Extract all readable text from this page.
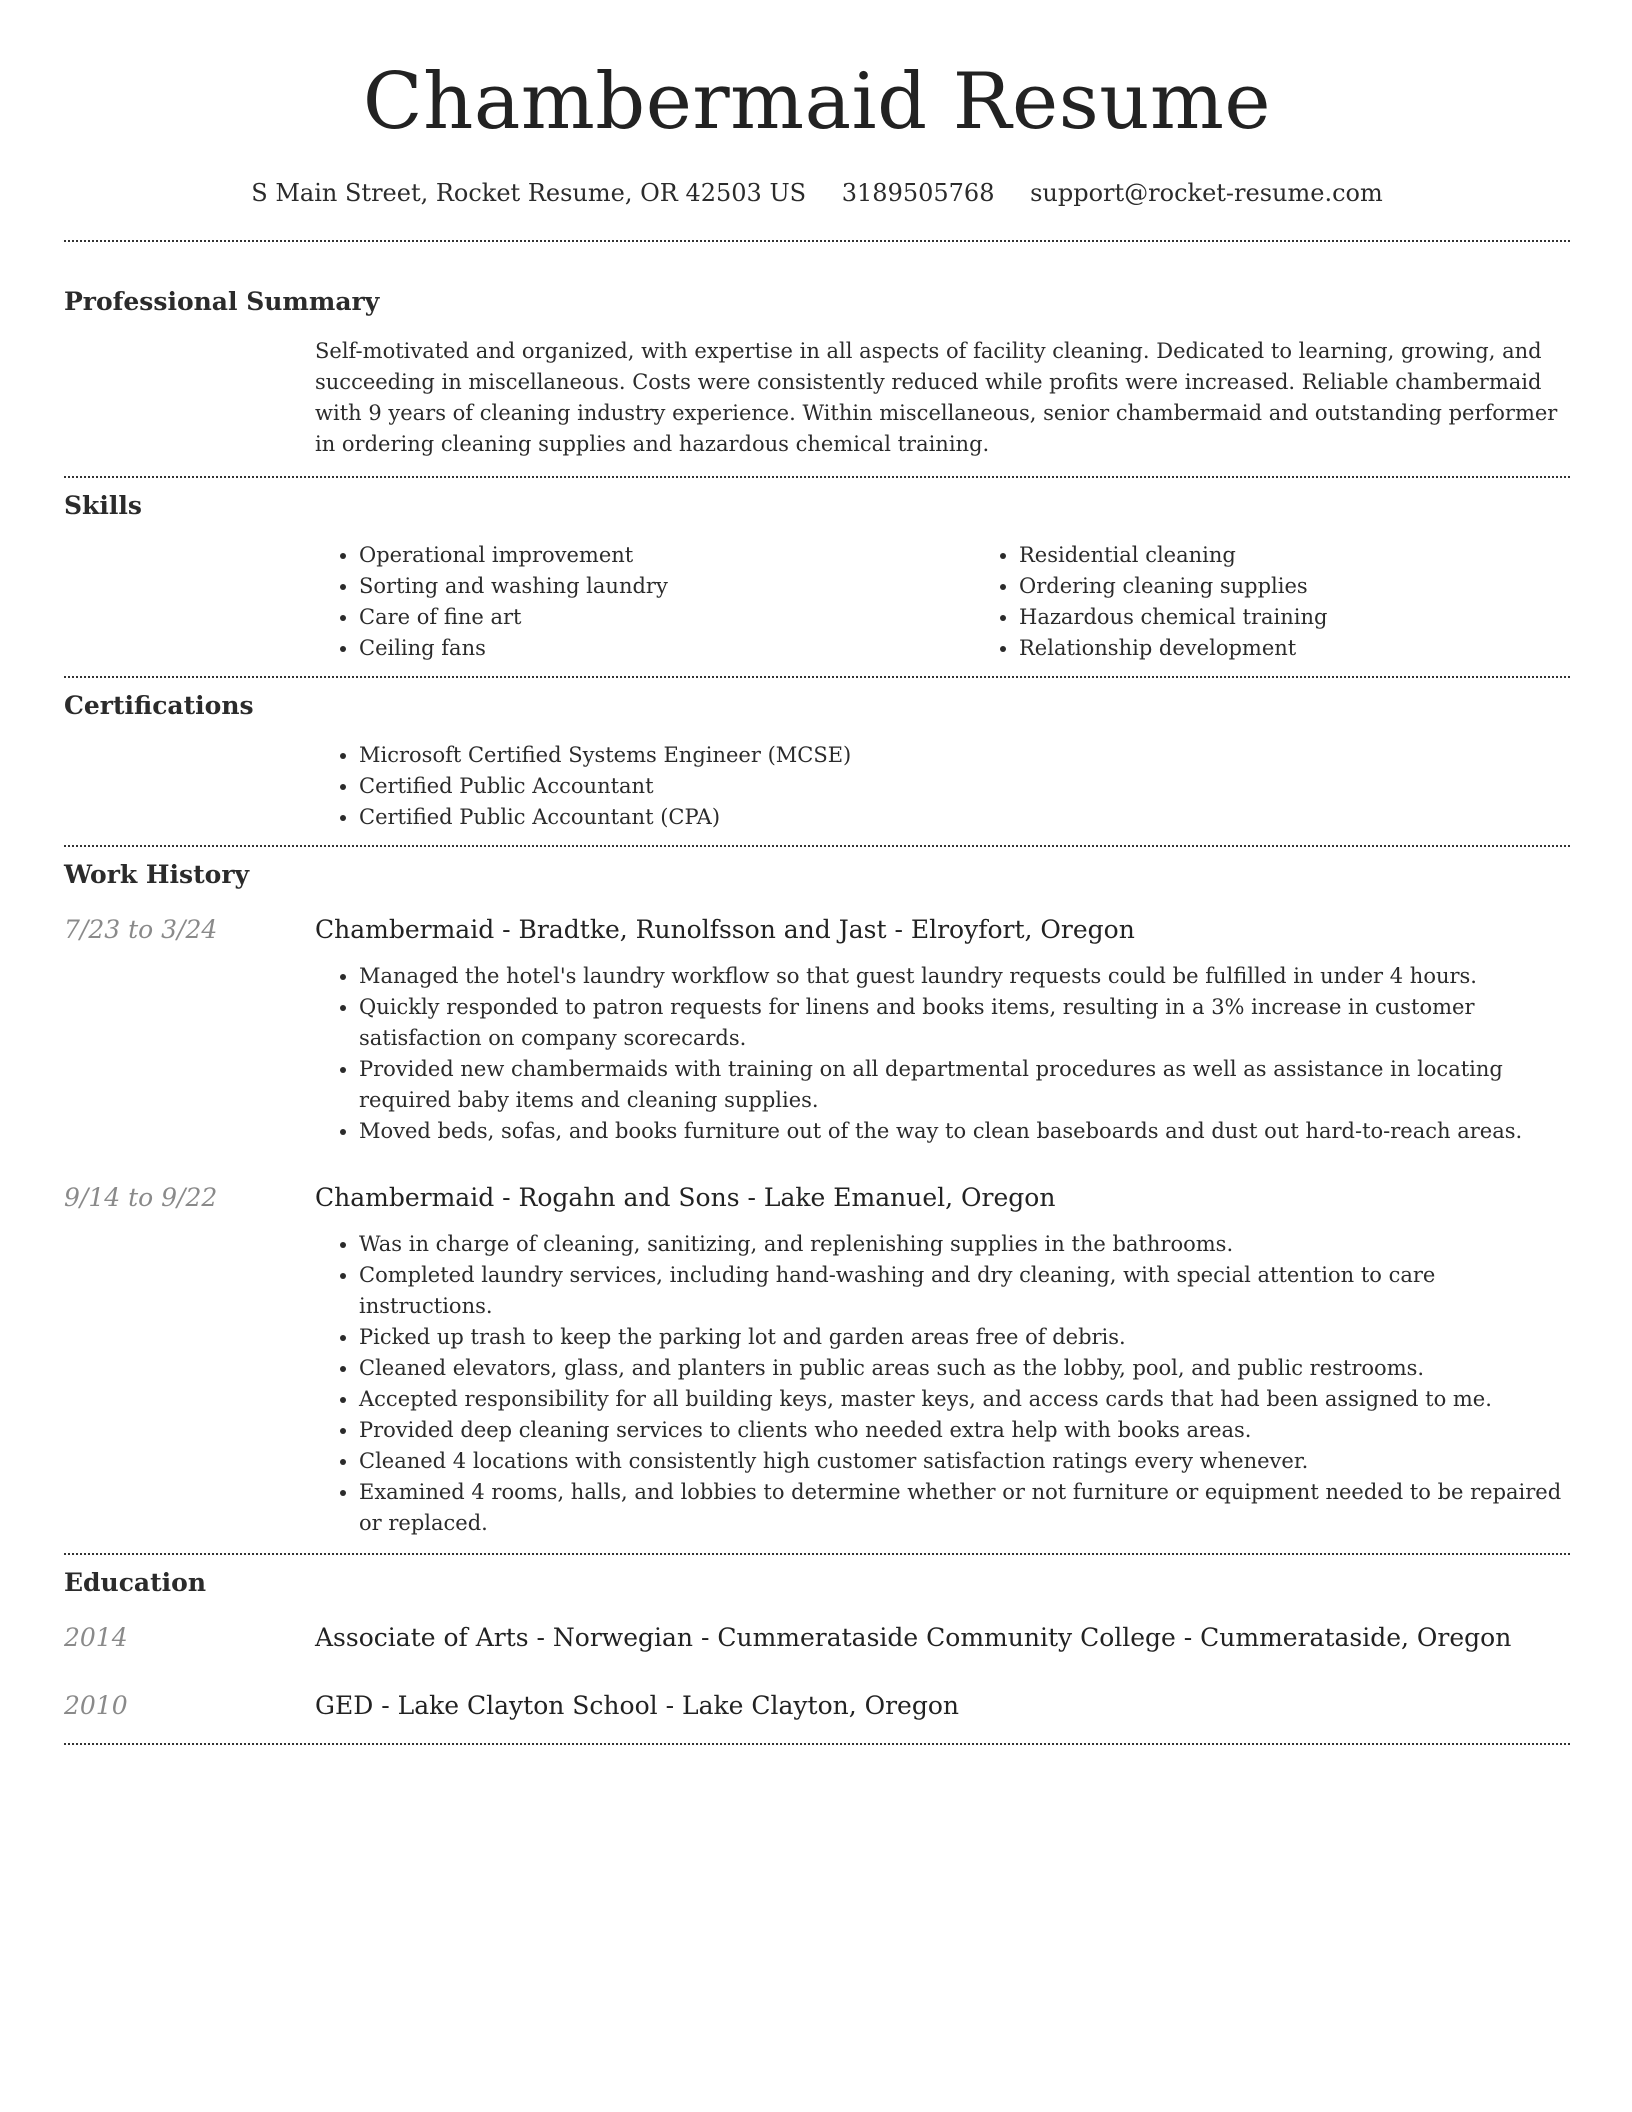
Chambermaid Resume
S Main Street, Rocket Resume, OR 42503 US 3189505768 support@rocket-resume.com
Professional Summary
Self-motivated and organized, with expertise in all aspects of facility cleaning. Dedicated to learning, growing, and succeeding in miscellaneous. Costs were consistently reduced while profits were increased. Reliable chambermaid with 9 years of cleaning industry experience. Within miscellaneous, senior chambermaid and outstanding performer in ordering cleaning supplies and hazardous chemical training.
Skills
• Operational improvement
• Sorting and washing laundry
• Care of fine art
• Ceiling fans
• Residential cleaning
• Ordering cleaning supplies
• Hazardous chemical training
• Relationship development
Certifications
• Microsoft Certified Systems Engineer (MCSE)
• Certified Public Accountant
• Certified Public Accountant (CPA)
Work History
7/23 to 3/24	Chambermaid - Bradtke, Runolfsson and Jast - Elroyfort, Oregon
• Managed the hotel's laundry workflow so that guest laundry requests could be fulfilled in under 4 hours.
• Quickly responded to patron requests for linens and books items, resulting in a 3% increase in customer satisfaction on company scorecards.
• Provided new chambermaids with training on all departmental procedures as well as assistance in locating required baby items and cleaning supplies.
• Moved beds, sofas, and books furniture out of the way to clean baseboards and dust out hard-to-reach areas.
9/14 to 9/22	Chambermaid - Rogahn and Sons - Lake Emanuel, Oregon
• Was in charge of cleaning, sanitizing, and replenishing supplies in the bathrooms.
• Completed laundry services, including hand-washing and dry cleaning, with special attention to care instructions.
• Picked up trash to keep the parking lot and garden areas free of debris.
• Cleaned elevators, glass, and planters in public areas such as the lobby, pool, and public restrooms.
• Accepted responsibility for all building keys, master keys, and access cards that had been assigned to me.
• Provided deep cleaning services to clients who needed extra help with books areas.
• Cleaned 4 locations with consistently high customer satisfaction ratings every whenever.
• Examined 4 rooms, halls, and lobbies to determine whether or not furniture or equipment needed to be repaired or replaced.
Education
2014	Associate of Arts - Norwegian - Cummerataside Community College - Cummerataside, Oregon
2010	GED - Lake Clayton School - Lake Clayton, Oregon
